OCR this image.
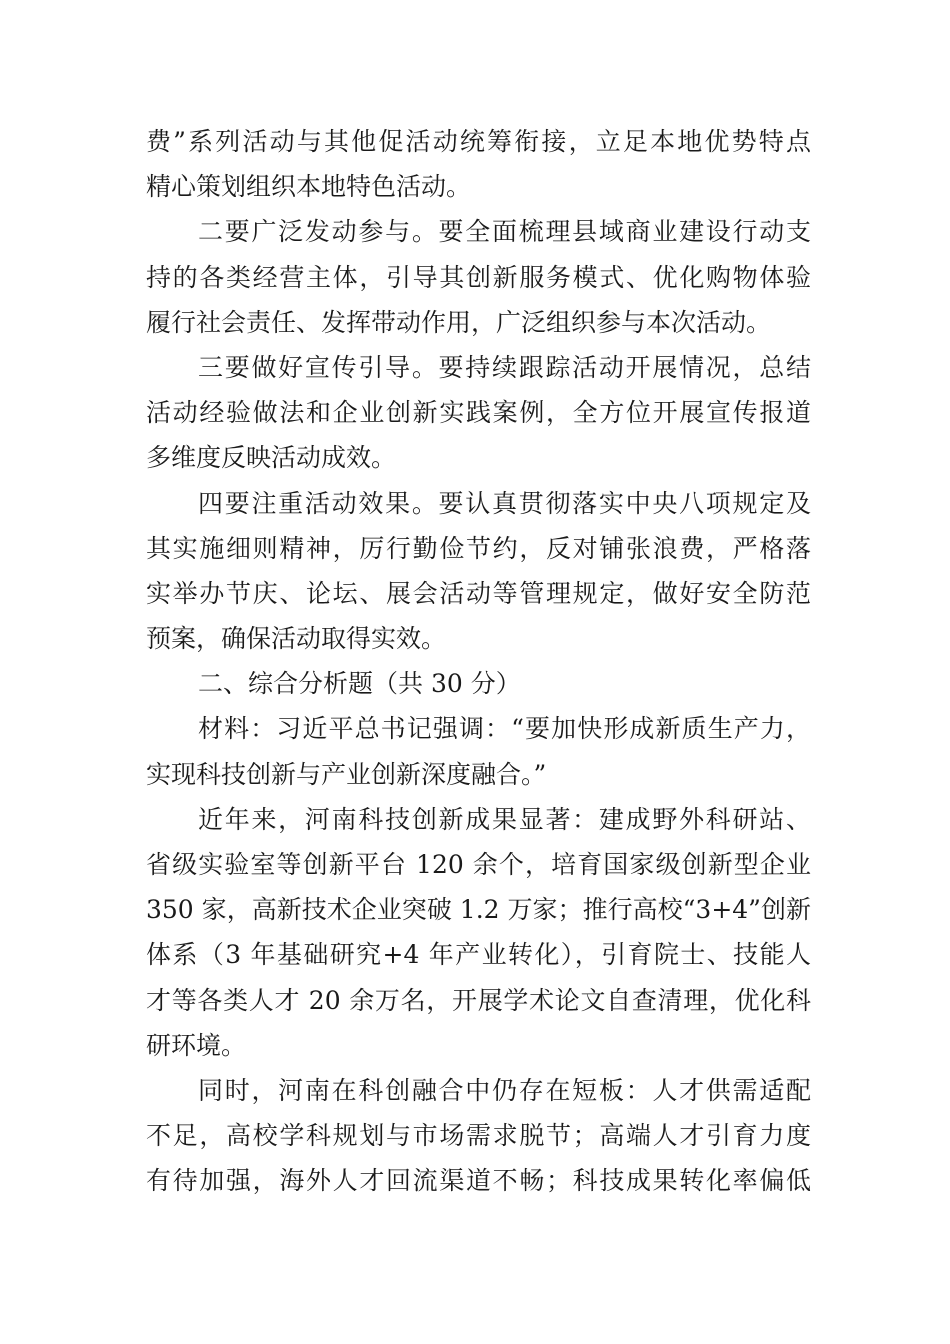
费”系列活动与其他促活动统筹衔接，立足本地优势特点
精心策划组织本地特色活动。
二要广泛发动参与。要全面梳理县域商业建设行动支
持的各类经营主体，引导其创新服务模式、优化购物体验
履行社会责任、发挥带动作用，广泛组织参与本次活动。
三要做好宣传引导。要持续跟踪活动开展情况，总结
活动经验做法和企业创新实践案例，全方位开展宣传报道
多维度反映活动成效。
四要注重活动效果。要认真贯彻落实中央八项规定及
其实施细则精神，厉行勤俭节约，反对铺张浪费，严格落
实举办节庆、论坛、展会活动等管理规定，做好安全防范
预案，确保活动取得实效。
二、综合分析题（共 30 分）
材料：习近平总书记强调：“要加快形成新质生产力，
实现科技创新与产业创新深度融合。”
近年来，河南科技创新成果显著：建成野外科研站、
省级实验室等创新平台 120 余个，培育国家级创新型企业
350 家，高新技术企业突破 1.2 万家；推行高校“3+4”创新
体系（3 年基础研究+4 年产业转化），引育院士、技能人
才等各类人才 20 余万名，开展学术论文自查清理，优化科
研环境。
同时，河南在科创融合中仍存在短板：人才供需适配
不足，高校学科规划与市场需求脱节；高端人才引育力度
有待加强，海外人才回流渠道不畅；科技成果转化率偏低
